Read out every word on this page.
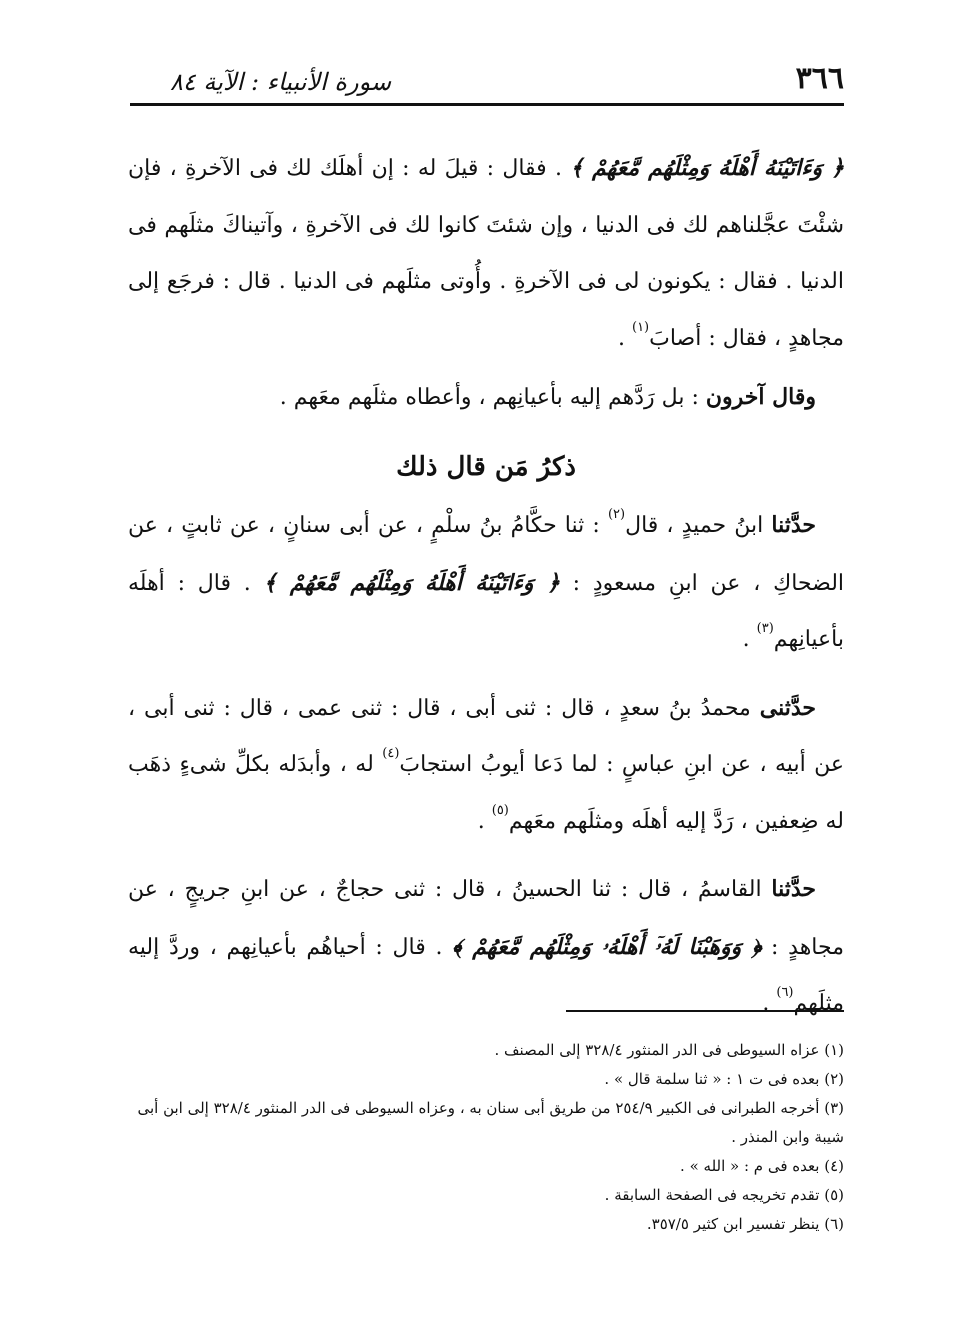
٣٦٦
سورة الأنبياء : الآية ٨٤

﴿ وَءَاتَيْنَهُ أَهْلَهُ وَمِثْلَهُم مَّعَهُمْ ﴾ . فقال : قيلَ له : إن أهلَك لك فى الآخرةِ ، فإن شئْتَ عجَّلناهم لك فى الدنيا ، وإن شئتَ كانوا لك فى الآخرةِ ، وآتيناكَ مثلَهم فى الدنيا . فقال : يكونون لى فى الآخرةِ . وأُوتى مثلَهم فى الدنيا . قال : فرجَع إلى مجاهدٍ ، فقال : أصابَ$^{(١)}$ .

وقال آخرون : بل رَدَّهم إليه بأعيانِهم ، وأعطاه مثلَهم معَهم .

ذكرُ مَن قال ذلك

حدَّثنا ابنُ حميدٍ ، قال$^{(٢)}$ : ثنا حكَّامُ بنُ سلْمٍ ، عن أبى سنانٍ ، عن ثابتٍ ، عن الضحاكِ ، عن ابنِ مسعودٍ : ﴿ وَءَاتَيْنَهُ أَهْلَهُ وَمِثْلَهُم مَّعَهُمْ ﴾ . قال : أهلَه بأعيانِهم$^{(٣)}$ .

حدَّثنى محمدُ بنُ سعدٍ ، قال : ثنى أبى ، قال : ثنى عمى ، قال : ثنى أبى ، عن أبيه ، عن ابنِ عباسٍ : لما دَعا أيوبُ استجابَ$^{(٤)}$ له ، وأبدَله بكلِّ شىءٍ ذهَب له ضِعفين ، رَدَّ إليه أهلَه ومثلَهم معَهم$^{(٥)}$ .

حدَّثنا القاسمُ ، قال : ثنا الحسينُ ، قال : ثنى حجاجٌ ، عن ابنِ جريجٍ ، عن مجاهدٍ : ﴿ وَوَهَبْنَا لَهُۥٓ أَهْلَهُۥ وَمِثْلَهُم مَّعَهُمْ ﴾ . قال : أحياهُم بأعيانِهم ، وردَّ إليه مثلَهم$^{(٦)}$ .

(١) عزاه السيوطى فى الدر المنثور ٣٢٨/٤ إلى المصنف .

(٢) بعده فى ت ١ : « ثنا سلمة قال » .

(٣) أخرجه الطبرانى فى الكبير ٢٥٤/٩ من طريق أبى سنان به ، وعزاه السيوطى فى الدر المنثور ٣٢٨/٤ إلى ابن أبى شيبة وابن المنذر .

(٤) بعده فى م : « الله » .

(٥) تقدم تخريجه فى الصفحة السابقة .

(٦) ينظر تفسير ابن كثير ٣٥٧/٥.
